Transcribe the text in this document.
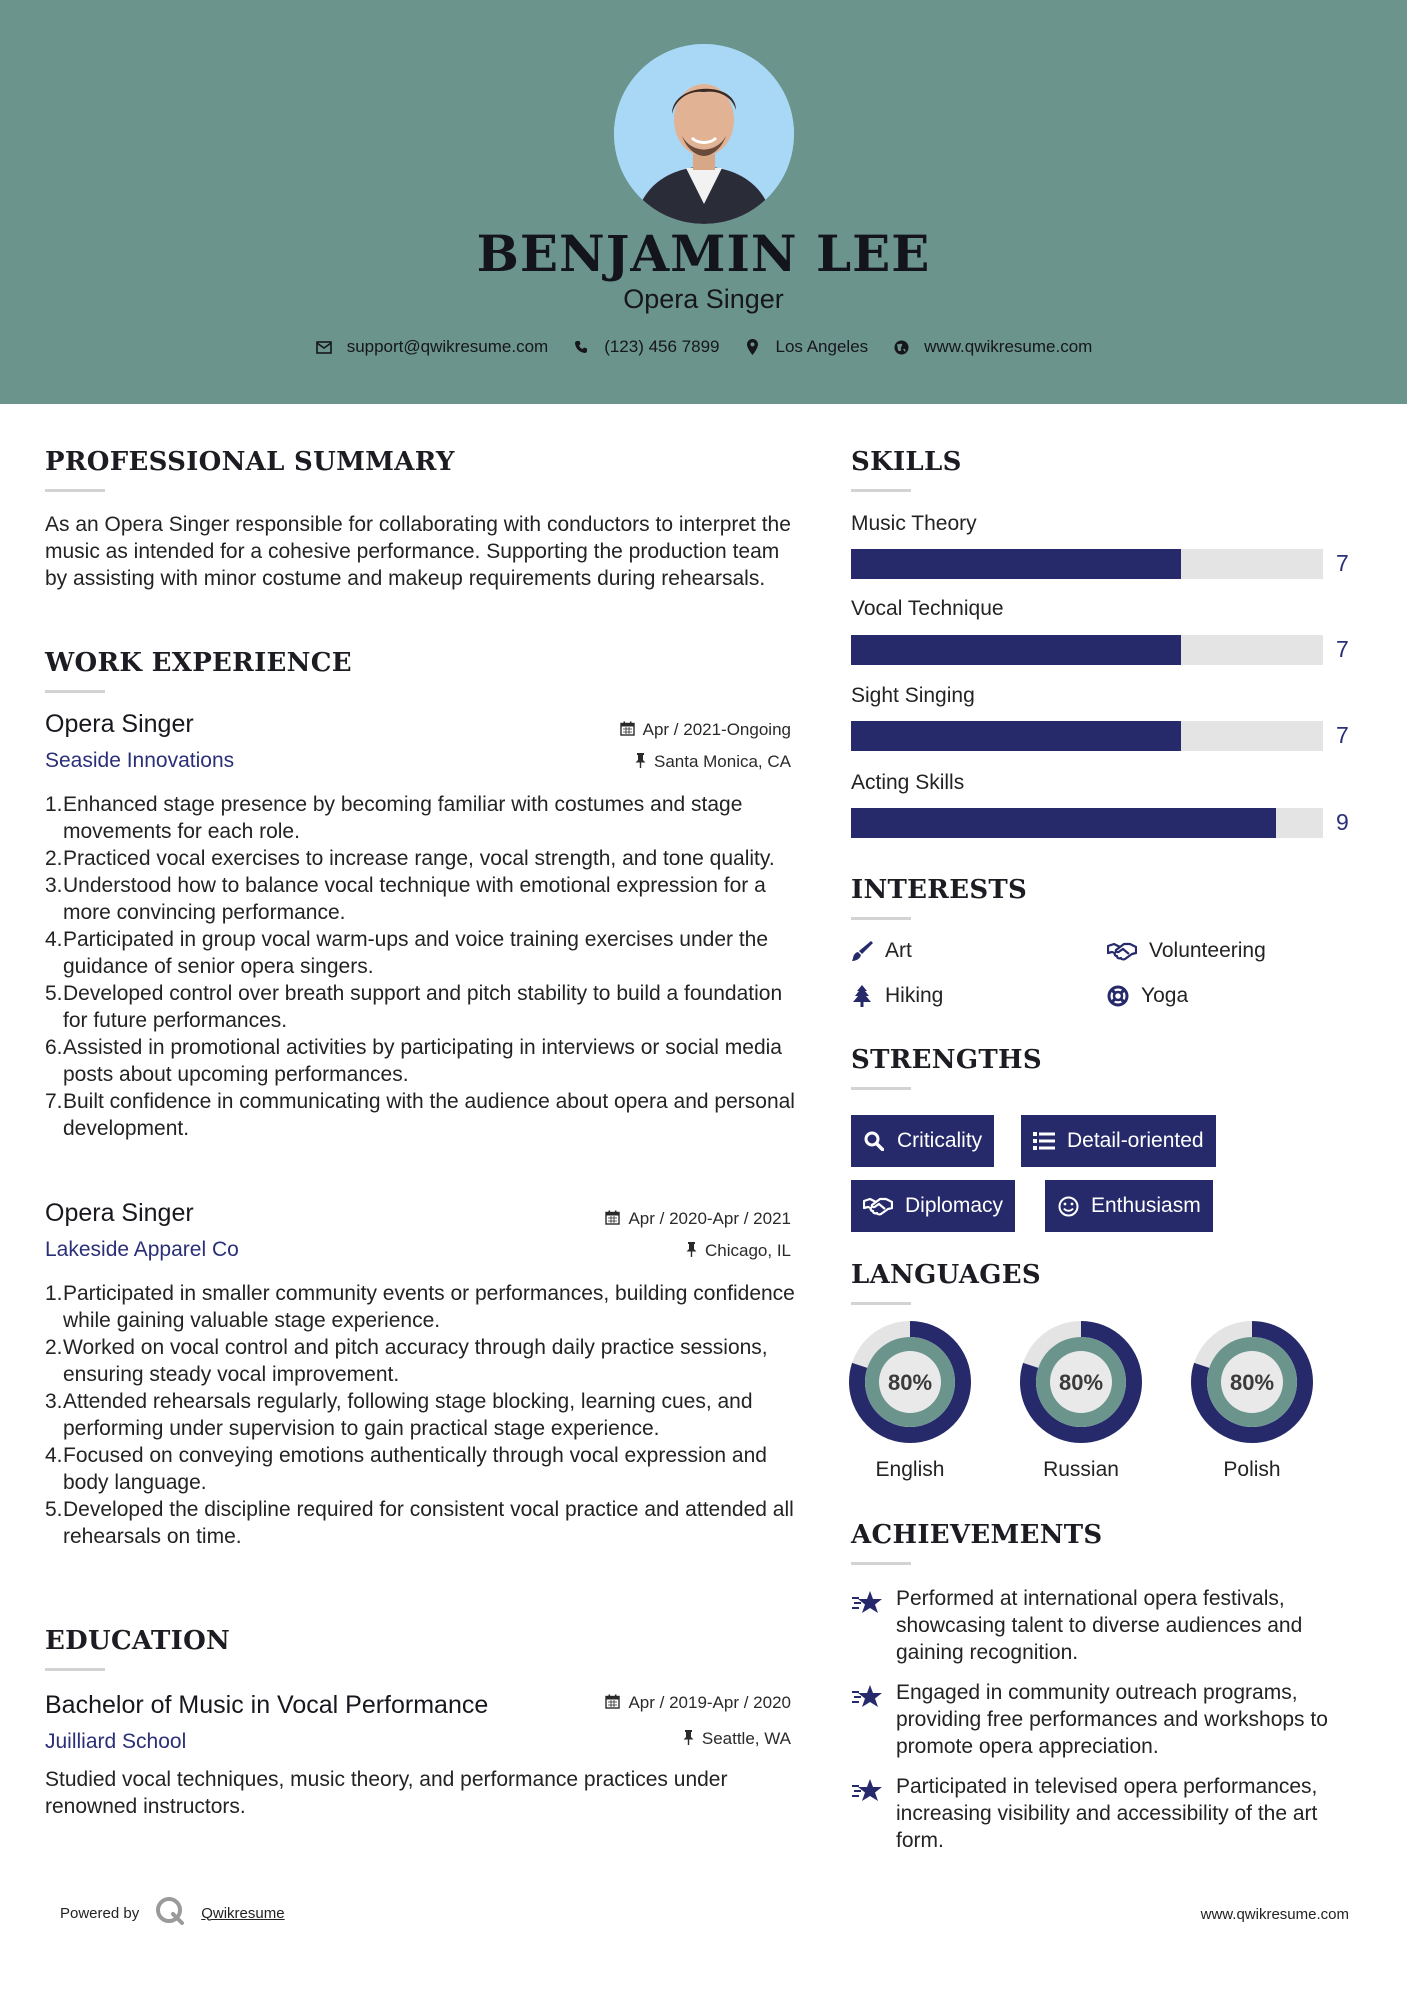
BENJAMIN LEE
Opera Singer
support@qwikresume.com	(123) 456 7899	Los Angeles	www.qwikresume.com
PROFESSIONAL SUMMARY
As an Opera Singer responsible for collaborating with conductors to interpret the music as intended for a cohesive performance. Supporting the production team by assisting with minor costume and makeup requirements during rehearsals.
WORK EXPERIENCE
Opera Singer	Apr / 2021-Ongoing
Seaside Innovations	Santa Monica, CA
1. Enhanced stage presence by becoming familiar with costumes and stage movements for each role.
2. Practiced vocal exercises to increase range, vocal strength, and tone quality.
3. Understood how to balance vocal technique with emotional expression for a more convincing performance.
4. Participated in group vocal warm-ups and voice training exercises under the guidance of senior opera singers.
5. Developed control over breath support and pitch stability to build a foundation for future performances.
6. Assisted in promotional activities by participating in interviews or social media posts about upcoming performances.
7. Built confidence in communicating with the audience about opera and personal development.
Opera Singer	Apr / 2020-Apr / 2021
Lakeside Apparel Co	Chicago, IL
1. Participated in smaller community events or performances, building confidence while gaining valuable stage experience.
2. Worked on vocal control and pitch accuracy through daily practice sessions, ensuring steady vocal improvement.
3. Attended rehearsals regularly, following stage blocking, learning cues, and performing under supervision to gain practical stage experience.
4. Focused on conveying emotions authentically through vocal expression and body language.
5. Developed the discipline required for consistent vocal practice and attended all rehearsals on time.
EDUCATION
Bachelor of Music in Vocal Performance	Apr / 2019-Apr / 2020
Juilliard School	Seattle, WA
Studied vocal techniques, music theory, and performance practices under renowned instructors.
SKILLS
Music Theory
7
Vocal Technique
7
Sight Singing
7
Acting Skills
9
INTERESTS
Art	Volunteering
Hiking	Yoga
STRENGTHS
Criticality	Detail-oriented
Diplomacy	Enthusiasm
LANGUAGES
80%
English
80%
Russian
80%
Polish
ACHIEVEMENTS
Performed at international opera festivals, showcasing talent to diverse audiences and gaining recognition.
Engaged in community outreach programs, providing free performances and workshops to promote opera appreciation.
Participated in televised opera performances, increasing visibility and accessibility of the art form.
Powered by	Qwikresume	www.qwikresume.com
